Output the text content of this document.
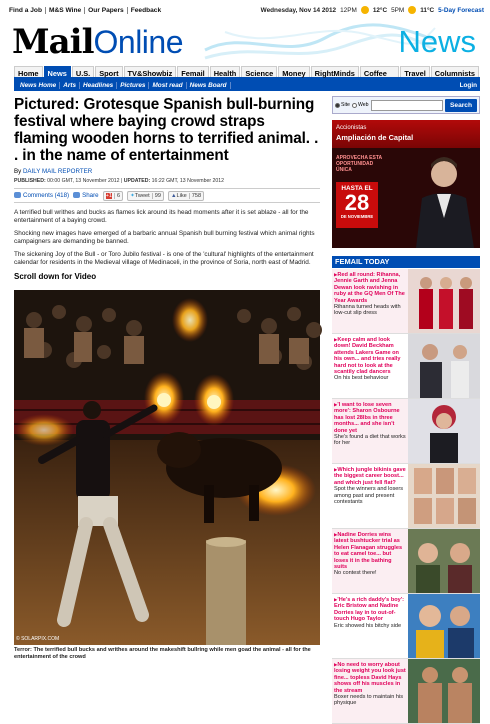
Find a Job	M&S Wine	Our Papers	Feedback	Wednesday, Nov 14 2012 12PM	12°C 5PM	11°C 5-Day Forecast
MailOnline	News
Home	News	U.S.	Sport	TV&Showbiz	Femail	Health	Science	Money	RightMinds	Coffee	Travel	Columnists
News Home	Arts	Headlines	Pictures	Most read	News Board	Login
Pictured: Grotesque Spanish bull-burning festival where baying crowd straps flaming wooden horns to terrified animal. . . in the name of entertainment
By DAILY MAIL REPORTER
PUBLISHED: 00:00 GMT, 13 November 2012 | UPDATED: 16:22 GMT, 13 November 2012
Comments (418)	Share +1 6 ✦ Tweet 99 ▲ Like 758

A terrified bull writhes and bucks as flames lick around its head moments after it is set ablaze - all for the entertainment of a baying crowd.

Shocking new images have emerged of a barbaric annual Spanish bull burning festival which animal rights campaigners are demanding be banned.

The sickening Joy of the Bull - or Toro Jubilo festival - is one of the 'cultural' highlights of the entertainment calendar for residents in the Medieval village of Medinaceli, in the province of Soria, north east of Madrid.

Scroll down for Video
© SOLARPIX.COM
Terror: The terrified bull bucks and writhes around the makeshift bullring while men goad the animal - all for the entertainment of the crowd
Site Web	Search
Accionistas
Ampliación de Capital
APROVECHA ESTA OPORTUNIDAD ÚNICA
HASTA EL
28
DE NOVIEMBRE
FEMAIL TODAY
▶ Red all round: Rihanna, Jennie Garth and Jenna Dewan look ravishing in ruby at the GQ Men Of The Year Awards
Rihanna turned heads with low-cut slip dress
▶ Keep calm and look down! David Beckham attends Lakers Game on his own... and tries really hard not to look at the scantily clad dancers
On his best behaviour
▶ 'I want to lose seven more': Sharon Osbourne has lost 28lbs in three months... and she isn't done yet
She's found a diet that works for her
▶ Which jungle bikinis gave the biggest career boost... and which just fell flat?
Spot the winners and losers among past and present contestants
▶ Nadine Dorries wins latest bushtucker trial as Helen Flanagan struggles to eat camel toe... but loses it in the bathing suits
No contest there!
▶ 'He's a rich daddy's boy': Eric Bristow and Nadine Dorries lay in to out-of-touch Hugo Taylor
Eric showed his bitchy side
▶ No need to worry about losing weight you look just fine... topless David Hays shows off his muscles in the stream
Boxer needs to maintain his physique
